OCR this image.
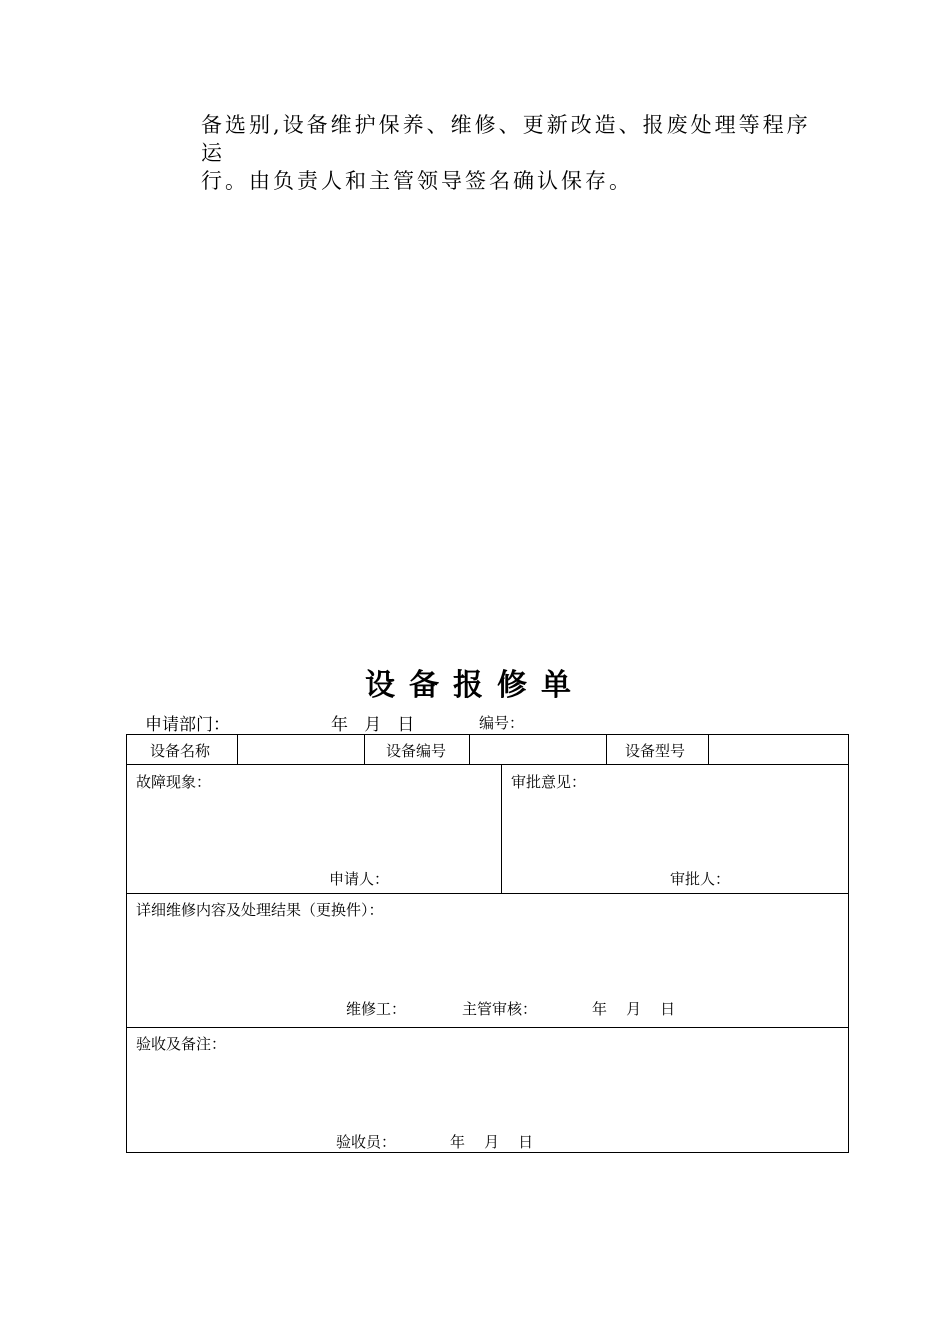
备选别,设备维护保养、维修、更新改造、报废处理等程序运
行。由负责人和主管领导签名确认保存。

设备报修单
申请部门：	年   月   日	编号：
设备名称	设备编号	设备型号
故障现象：
申请人：
审批意见：
审批人：
详细维修内容及处理结果（更换件）：
维修工：	主管审核：	年    月    日
验收及备注：
验收员：	年    月    日
